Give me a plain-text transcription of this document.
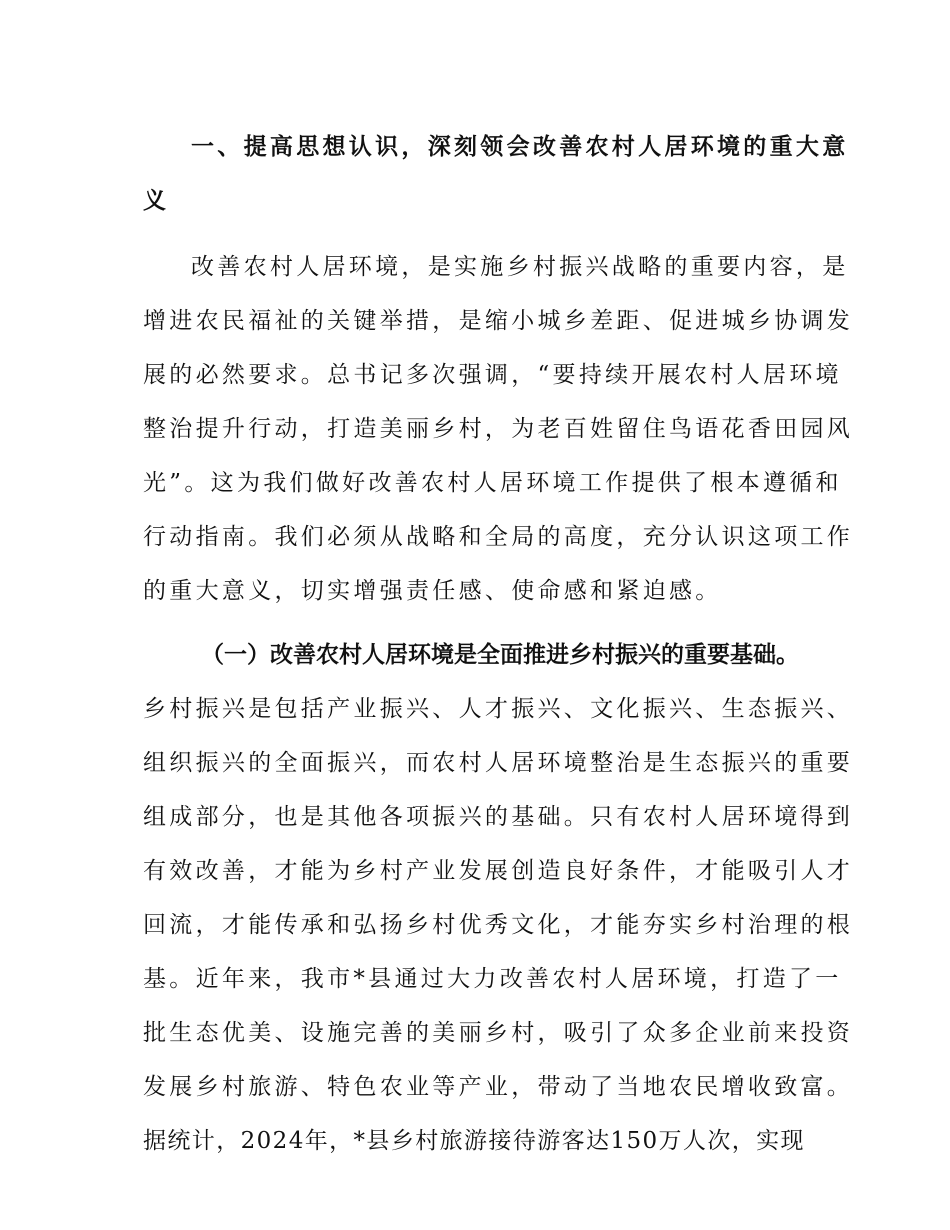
一、提高思想认识，深刻领会改善农村人居环境的重大意
义
改善农村人居环境，是实施乡村振兴战略的重要内容，是
增进农民福祉的关键举措，是缩小城乡差距、促进城乡协调发
展的必然要求。总书记多次强调，“要持续开展农村人居环境
整治提升行动，打造美丽乡村，为老百姓留住鸟语花香田园风
光”。这为我们做好改善农村人居环境工作提供了根本遵循和
行动指南。我们必须从战略和全局的高度，充分认识这项工作
的重大意义，切实增强责任感、使命感和紧迫感。
（一）改善农村人居环境是全面推进乡村振兴的重要基础。
乡村振兴是包括产业振兴、人才振兴、文化振兴、生态振兴、
组织振兴的全面振兴，而农村人居环境整治是生态振兴的重要
组成部分，也是其他各项振兴的基础。只有农村人居环境得到
有效改善，才能为乡村产业发展创造良好条件，才能吸引人才
回流，才能传承和弘扬乡村优秀文化，才能夯实乡村治理的根
基。近年来，我市*县通过大力改善农村人居环境，打造了一
批生态优美、设施完善的美丽乡村，吸引了众多企业前来投资
发展乡村旅游、特色农业等产业，带动了当地农民增收致富。
据统计，2024年，*县乡村旅游接待游客达150万人次，实现
